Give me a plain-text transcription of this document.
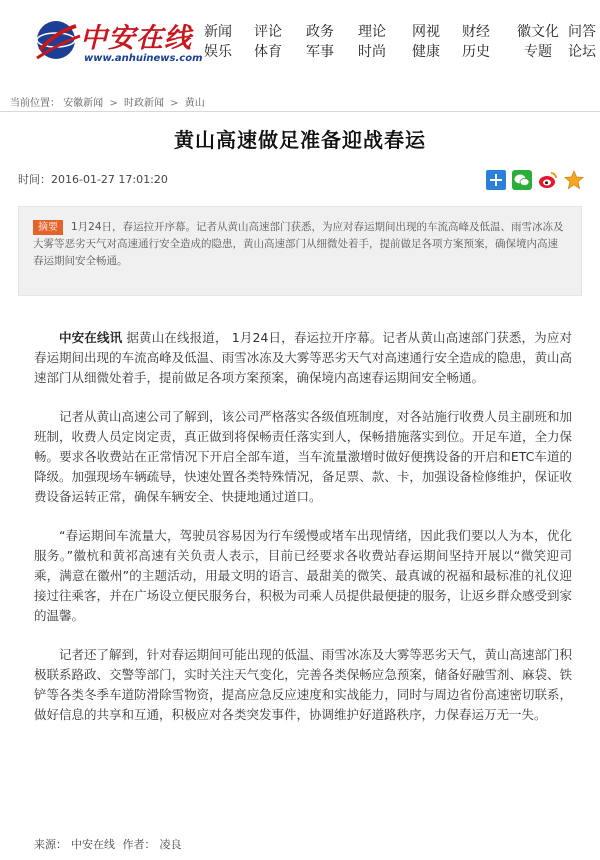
中安在线
www.anhuinews.com
新闻
娱乐
评论
体育
政务
军事
理论
时尚
网视
健康
财经
历史
徽文化
专题
问答
论坛
当前位置： 安徽新闻 > 时政新闻 > 黄山
黄山高速做足准备迎战春运
时间：2016-01-27 17:01:20

摘要 1月24日，春运拉开序幕。记者从黄山高速部门获悉，为应对春运期间出现的车流高峰及低温、雨雪冰冻及大雾等恶劣天气对高速通行安全造成的隐患，黄山高速部门从细微处着手，提前做足各项方案预案，确保境内高速春运期间安全畅通。

中安在线讯 据黄山在线报道， 1月24日，春运拉开序幕。记者从黄山高速部门获悉，为应对春运期间出现的车流高峰及低温、雨雪冰冻及大雾等恶劣天气对高速通行安全造成的隐患，黄山高速部门从细微处着手，提前做足各项方案预案，确保境内高速春运期间安全畅通。

记者从黄山高速公司了解到，该公司严格落实各级值班制度，对各站施行收费人员主副班和加班制，收费人员定岗定责，真正做到将保畅责任落实到人，保畅措施落实到位。开足车道，全力保畅。要求各收费站在正常情况下开启全部车道，当车流量激增时做好便携设备的开启和ETC车道的降级。加强现场车辆疏导，快速处置各类特殊情况，备足票、款、卡，加强设备检修维护，保证收费设备运转正常，确保车辆安全、快捷地通过道口。

“春运期间车流量大，驾驶员容易因为行车缓慢或堵车出现情绪，因此我们要以人为本，优化服务。”徽杭和黄祁高速有关负责人表示，目前已经要求各收费站春运期间坚持开展以“微笑迎司乘，满意在徽州”的主题活动，用最文明的语言、最甜美的微笑、最真诚的祝福和最标准的礼仪迎接过往乘客，并在广场设立便民服务台，积极为司乘人员提供最便捷的服务，让返乡群众感受到家的温馨。

记者还了解到，针对春运期间可能出现的低温、雨雪冰冻及大雾等恶劣天气，黄山高速部门积极联系路政、交警等部门，实时关注天气变化，完善各类保畅应急预案，储备好融雪剂、麻袋、铁铲等各类冬季车道防滑除雪物资，提高应急反应速度和实战能力，同时与周边省份高速密切联系，做好信息的共享和互通，积极应对各类突发事件，协调维护好道路秩序，力保春运万无一失。

来源： 中安在线 作者： 凌良
